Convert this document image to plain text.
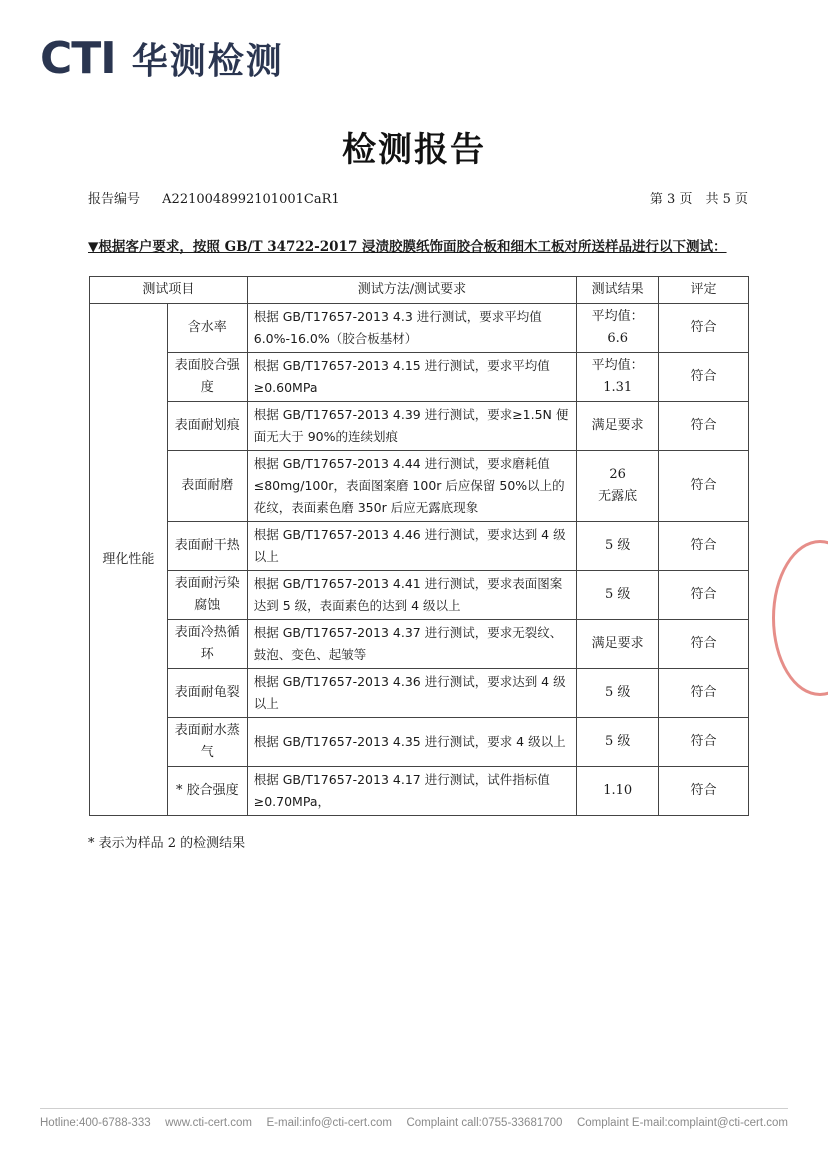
CTI 华测检测
检测报告
报告编号 A2210048992101001CaR1	第 3 页　共 5 页
▼根据客户要求，按照 GB/T 34722-2017 浸渍胶膜纸饰面胶合板和细木工板对所送样品进行以下测试：
测试项目		测试方法/测试要求	测试结果	评定
理化性能	含水率	根据 GB/T17657-2013 4.3 进行测试，要求平均值 6.0%-16.0%（胶合板基材）	平均值：6.6	符合
	表面胶合强度	根据 GB/T17657-2013 4.15 进行测试，要求平均值≥0.60MPa	平均值：1.31	符合
	表面耐划痕	根据 GB/T17657-2013 4.39 进行测试，要求≥1.5N 便面无大于 90%的连续划痕	满足要求	符合
	表面耐磨	根据 GB/T17657-2013 4.44 进行测试，要求磨耗值≤80mg/100r，表面图案磨 100r 后应保留 50%以上的花纹，表面素色磨 350r 后应无露底现象	26
无露底	符合
	表面耐干热	根据 GB/T17657-2013 4.46 进行测试，要求达到 4 级以上	5 级	符合
	表面耐污染腐蚀	根据 GB/T17657-2013 4.41 进行测试，要求表面图案达到 5 级，表面素色的达到 4 级以上	5 级	符合
	表面冷热循环	根据 GB/T17657-2013 4.37 进行测试，要求无裂纹、鼓泡、变色、起皱等	满足要求	符合
	表面耐龟裂	根据 GB/T17657-2013 4.36 进行测试，要求达到 4 级以上	5 级	符合
	表面耐水蒸气	根据 GB/T17657-2013 4.35 进行测试，要求 4 级以上	5 级	符合
	* 胶合强度	根据 GB/T17657-2013 4.17 进行测试，试件指标值≥0.70MPa，	1.10	符合
* 表示为样品 2 的检测结果
Hotline:400-6788-333 www.cti-cert.com E-mail:info@cti-cert.com Complaint call:0755-33681700 Complaint E-mail:complaint@cti-cert.com
